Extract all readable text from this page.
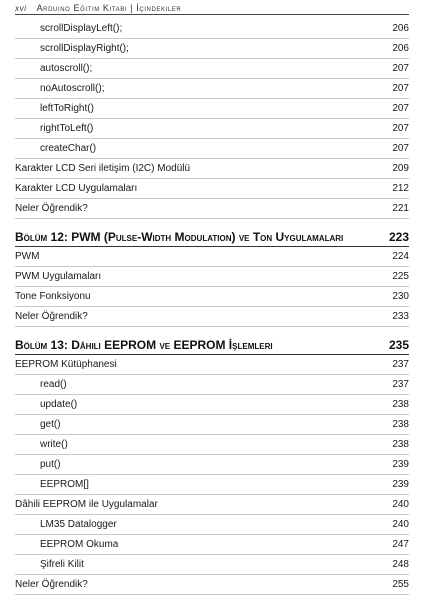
xvi Arduino Eğitim Kitabı | İçindekiler
scrollDisplayLeft();	206
scrollDisplayRight();	206
autoscroll();	207
noAutoscroll();	207
leftToRight()	207
rightToLeft()	207
createChar()	207
Karakter LCD Seri iletişim (I2C) Modülü	209
Karakter LCD Uygulamaları	212
Neler Öğrendik?	221
Bölüm 12: PWM (Pulse-Width Modulation) ve Ton Uygulamaları	223
PWM	224
PWM Uygulamaları	225
Tone Fonksiyonu	230
Neler Öğrendik?	233
Bölüm 13: Dâhili EEPROM ve EEPROM İşlemleri	235
EEPROM Kütüphanesi	237
read()	237
update()	238
get()	238
write()	238
put()	239
EEPROM[]	239
Dâhili EEPROM ile Uygulamalar	240
LM35 Datalogger	240
EEPROM Okuma	247
Şifreli Kilit	248
Neler Öğrendik?	255
